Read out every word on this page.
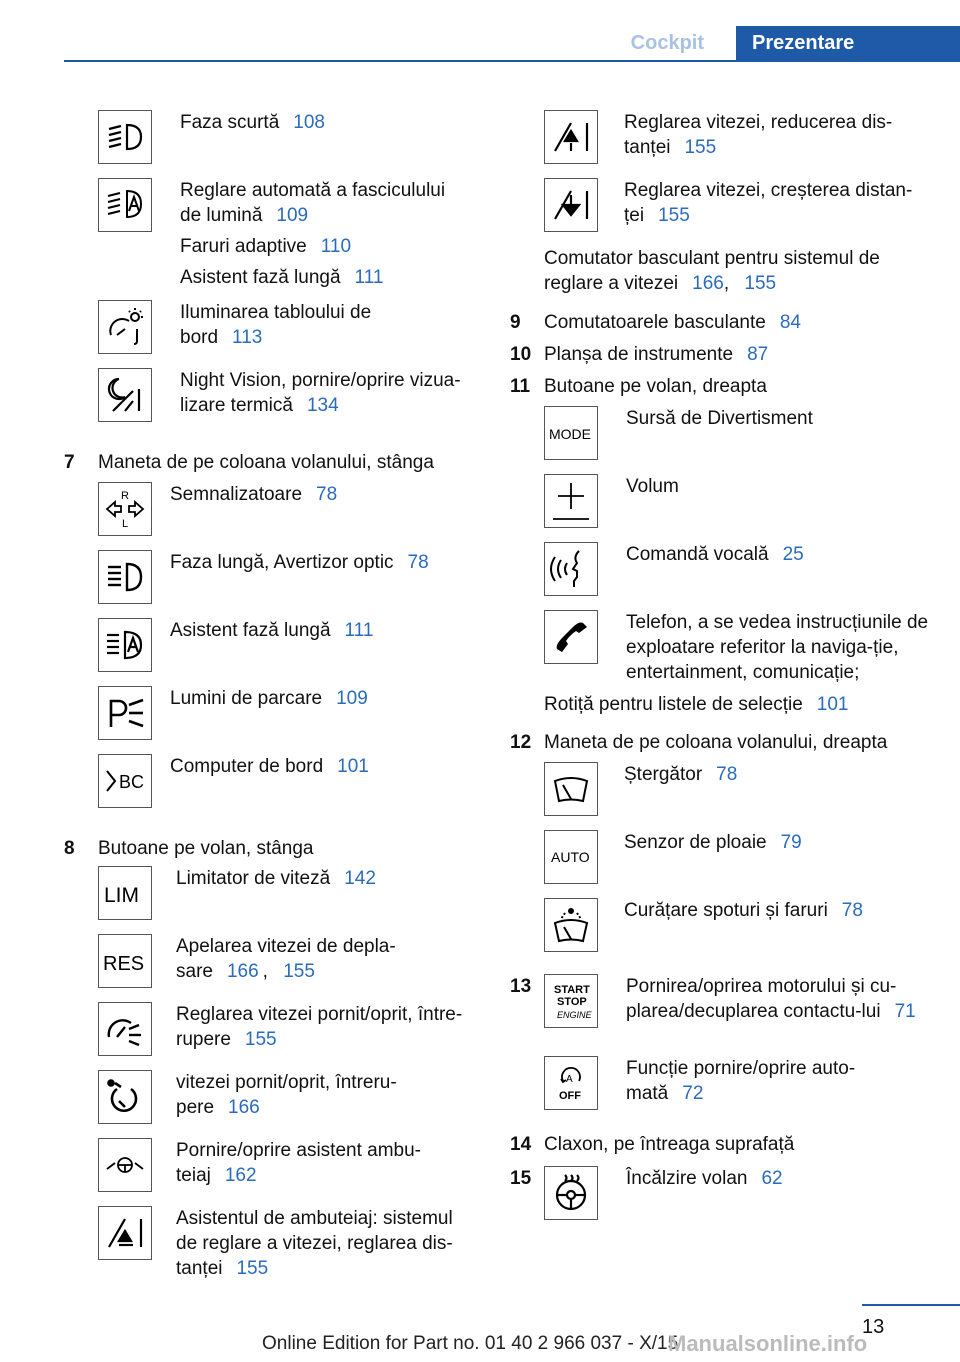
Cockpit	Prezentare
Faza scurtă 108
Reglare automată a fasciculului de lumină 109
Faruri adaptive 110
Asistent fază lungă 111
Iluminarea tabloului de bord 113
Night Vision, pornire/oprire vizua-lizare termică 134
7	Maneta de pe coloana volanului, stânga
R
L
Semnalizatoare 78
Faza lungă, Avertizor optic 78
Asistent fază lungă 111
Lumini de parcare 109
BC
Computer de bord 101
8	Butoane pe volan, stânga
LIM
Limitator de viteză 142
RES
Apelarea vitezei de depla-sare 166 , 155
Reglarea vitezei pornit/oprit, între-rupere 155
vitezei pornit/oprit, întreru-pere 166
Pornire/oprire asistent ambu-teiaj 162
Asistentul de ambuteiaj: sistemul de reglare a vitezei, reglarea dis-tanței 155
Reglarea vitezei, reducerea dis-tanței 155
Reglarea vitezei, creșterea distan-ței 155
Comutator basculant pentru sistemul de reglare a vitezei 166, 155
9	Comutatoarele basculante 84
10 Planșa de instrumente 87
11 Butoane pe volan, dreapta
MODE
Sursă de Divertisment
Volum
Comandă vocală 25
Telefon, a se vedea instrucțiunile de exploatare referitor la naviga-ție, entertainment, comunicație;
Rotiță pentru listele de selecție 101
12 Maneta de pe coloana volanului, dreapta
Ștergător 78
AUTO
Senzor de ploaie 79
Curățare spoturi și faruri 78
13	START
STOP
ENGINE
Pornirea/oprirea motorului și cu-plarea/decuplarea contactu-lui 71
A
OFF
Funcție pornire/oprire auto-mată 72
14 Claxon, pe întreaga suprafață
15	Încălzire volan 62
13
Online Edition for Part no. 01 40 2 966 037 - X/15
Manualsonline.info
